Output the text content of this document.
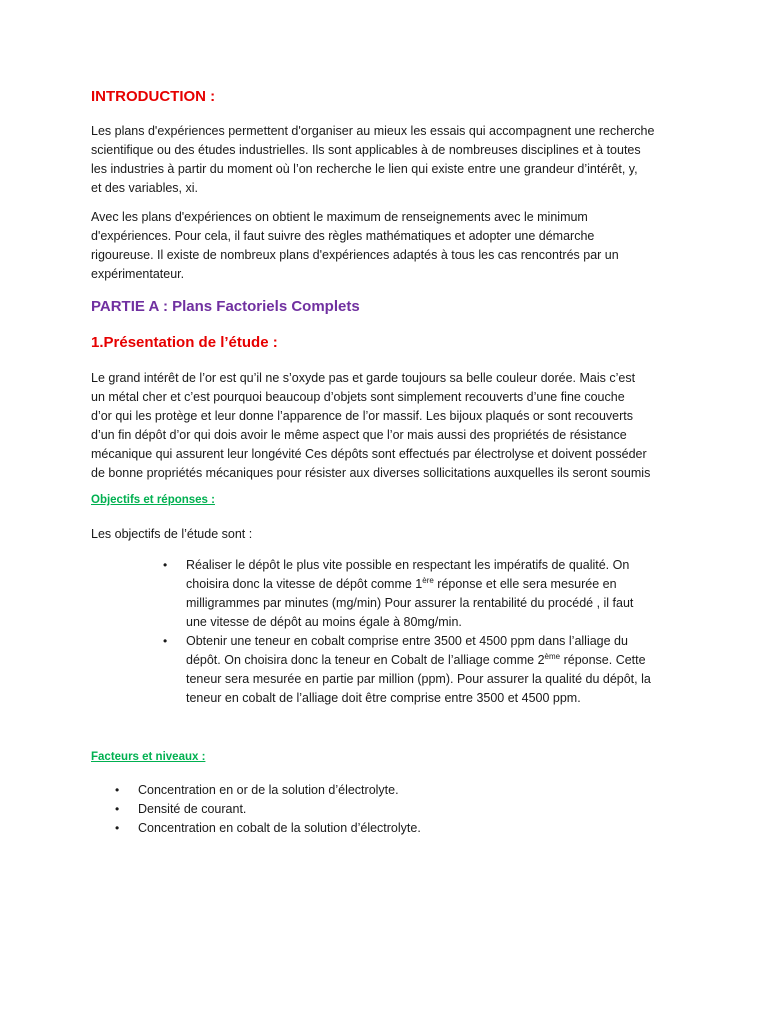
INTRODUCTION :

Les plans d'expériences permettent d'organiser au mieux les essais qui accompagnent une recherche
scientifique ou des études industrielles. Ils sont applicables à de nombreuses disciplines et à toutes
les industries à partir du moment où l’on recherche le lien qui existe entre une grandeur d’intérêt, y,
et des variables, xi.

Avec les plans d'expériences on obtient le maximum de renseignements avec le minimum
d'expériences. Pour cela, il faut suivre des règles mathématiques et adopter une démarche
rigoureuse. Il existe de nombreux plans d'expériences adaptés à tous les cas rencontrés par un
expérimentateur.

PARTIE A : Plans Factoriels Complets
1.Présentation de l’étude :

Le grand intérêt de l’or est qu’il ne s’oxyde pas et garde toujours sa belle couleur dorée. Mais c’est
un métal cher et c’est pourquoi beaucoup d’objets sont simplement recouverts d’une fine couche
d’or qui les protège et leur donne l’apparence de l’or massif. Les bijoux plaqués or sont recouverts
d’un fin dépôt d’or qui dois avoir le même aspect que l’or mais aussi des propriétés de résistance
mécanique qui assurent leur longévité Ces dépôts sont effectués par électrolyse et doivent posséder
de bonne propriétés mécaniques pour résister aux diverses sollicitations auxquelles ils seront soumis

Objectifs et réponses :

Les objectifs de l’étude sont :

• Réaliser le dépôt le plus vite possible en respectant les impératifs de qualité. On
choisira donc la vitesse de dépôt comme 1ère réponse et elle sera mesurée en
milligrammes par minutes (mg/min) Pour assurer la rentabilité du procédé , il faut
une vitesse de dépôt au moins égale à 80mg/min.
• Obtenir une teneur en cobalt comprise entre 3500 et 4500 ppm dans l’alliage du
dépôt. On choisira donc la teneur en Cobalt de l’alliage comme 2ème réponse. Cette
teneur sera mesurée en partie par million (ppm). Pour assurer la qualité du dépôt, la
teneur en cobalt de l’alliage doit être comprise entre 3500 et 4500 ppm.
Facteurs et niveaux :
• Concentration en or de la solution d’électrolyte.
• Densité de courant.
• Concentration en cobalt de la solution d’électrolyte.
